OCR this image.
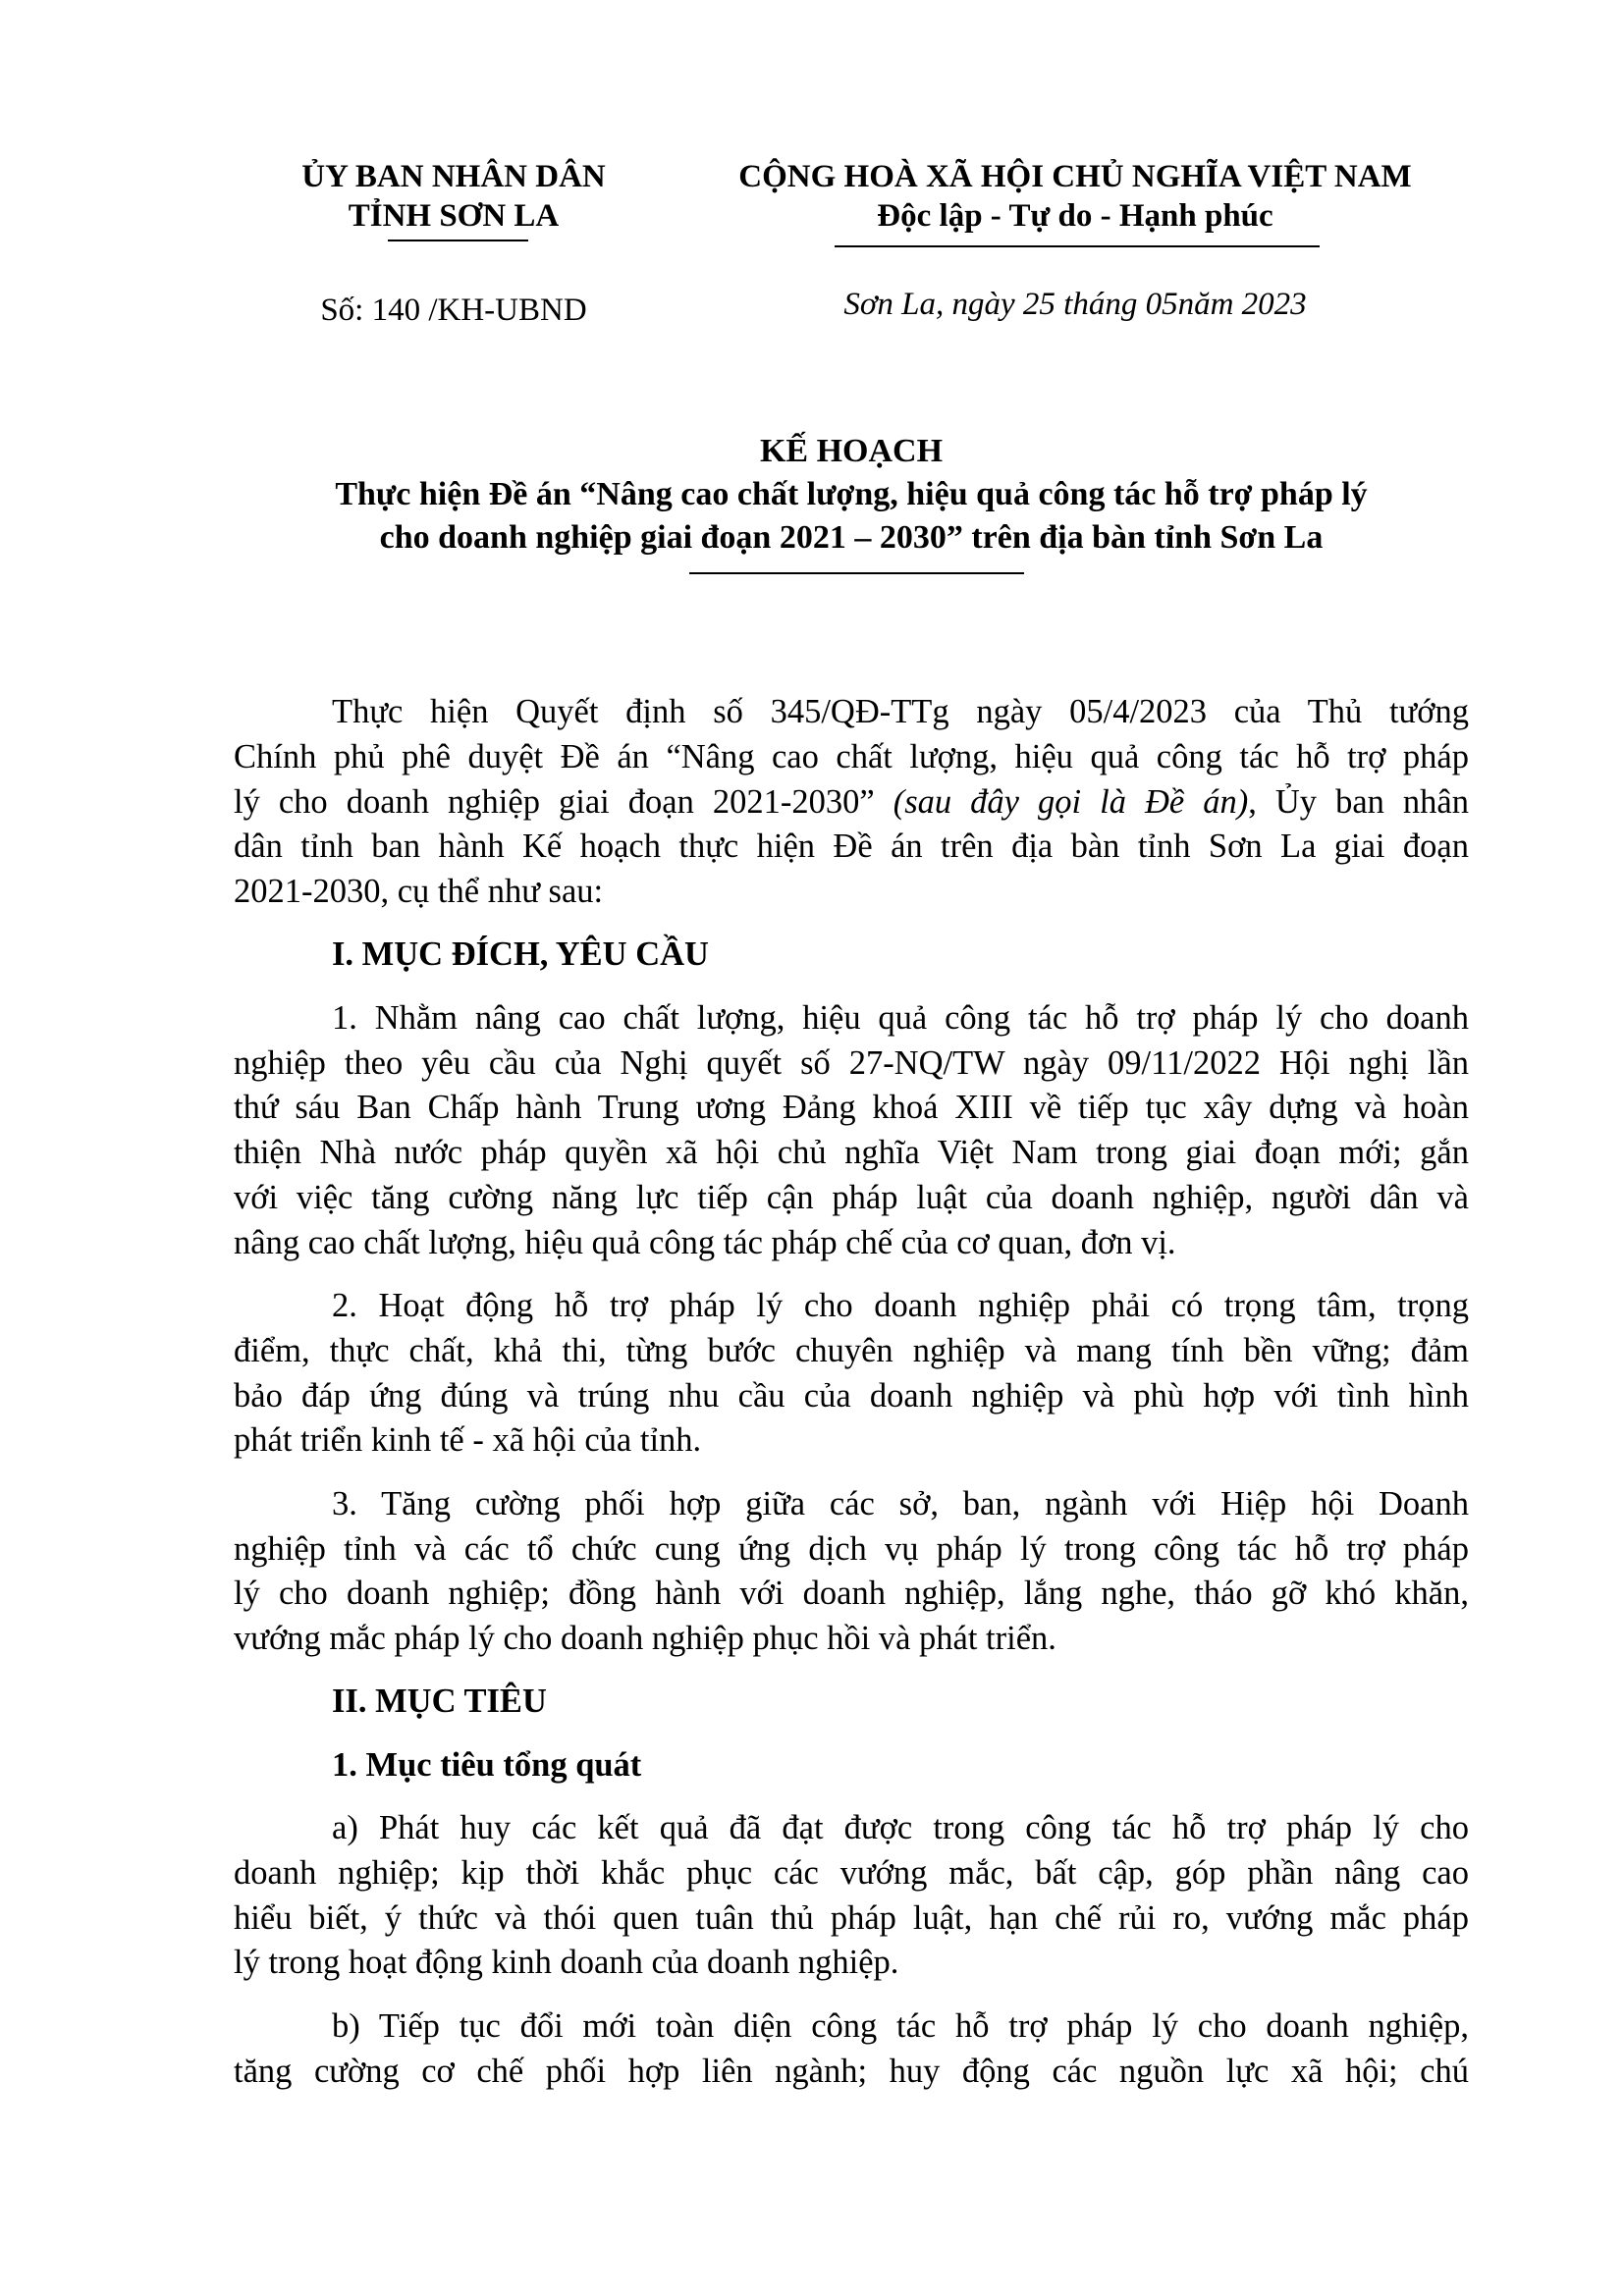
ỦY BAN NHÂN DÂN
TỈNH SƠN LA
CỘNG HOÀ XÃ HỘI CHỦ NGHĨA VIỆT NAM
Độc lập - Tự do - Hạnh phúc
Số: 140 /KH-UBND	Sơn La, ngày 25 tháng 05năm 2023
KẾ HOẠCH
Thực hiện Đề án “Nâng cao chất lượng, hiệu quả công tác hỗ trợ pháp lý
cho doanh nghiệp giai đoạn 2021 – 2030” trên địa bàn tỉnh Sơn La
Thực hiện Quyết định số 345/QĐ-TTg ngày 05/4/2023 của Thủ tướng
Chính phủ phê duyệt Đề án “Nâng cao chất lượng, hiệu quả công tác hỗ trợ pháp
lý cho doanh nghiệp giai đoạn 2021-2030” (sau đây gọi là Đề án), Ủy ban nhân
dân tỉnh ban hành Kế hoạch thực hiện Đề án trên địa bàn tỉnh Sơn La giai đoạn
2021-2030, cụ thể như sau:
I. MỤC ĐÍCH, YÊU CẦU
1. Nhằm nâng cao chất lượng, hiệu quả công tác hỗ trợ pháp lý cho doanh
nghiệp theo yêu cầu của Nghị quyết số 27-NQ/TW ngày 09/11/2022 Hội nghị lần
thứ sáu Ban Chấp hành Trung ương Đảng khoá XIII về tiếp tục xây dựng và hoàn
thiện Nhà nước pháp quyền xã hội chủ nghĩa Việt Nam trong giai đoạn mới; gắn
với việc tăng cường năng lực tiếp cận pháp luật của doanh nghiệp, người dân và
nâng cao chất lượng, hiệu quả công tác pháp chế của cơ quan, đơn vị.
2. Hoạt động hỗ trợ pháp lý cho doanh nghiệp phải có trọng tâm, trọng
điểm, thực chất, khả thi, từng bước chuyên nghiệp và mang tính bền vững; đảm
bảo đáp ứng đúng và trúng nhu cầu của doanh nghiệp và phù hợp với tình hình
phát triển kinh tế - xã hội của tỉnh.
3. Tăng cường phối hợp giữa các sở, ban, ngành với Hiệp hội Doanh
nghiệp tỉnh và các tổ chức cung ứng dịch vụ pháp lý trong công tác hỗ trợ pháp
lý cho doanh nghiệp; đồng hành với doanh nghiệp, lắng nghe, tháo gỡ khó khăn,
vướng mắc pháp lý cho doanh nghiệp phục hồi và phát triển.
II. MỤC TIÊU
1. Mục tiêu tổng quát
a) Phát huy các kết quả đã đạt được trong công tác hỗ trợ pháp lý cho
doanh nghiệp; kịp thời khắc phục các vướng mắc, bất cập, góp phần nâng cao
hiểu biết, ý thức và thói quen tuân thủ pháp luật, hạn chế rủi ro, vướng mắc pháp
lý trong hoạt động kinh doanh của doanh nghiệp.
b) Tiếp tục đổi mới toàn diện công tác hỗ trợ pháp lý cho doanh nghiệp,
tăng cường cơ chế phối hợp liên ngành; huy động các nguồn lực xã hội; chú
